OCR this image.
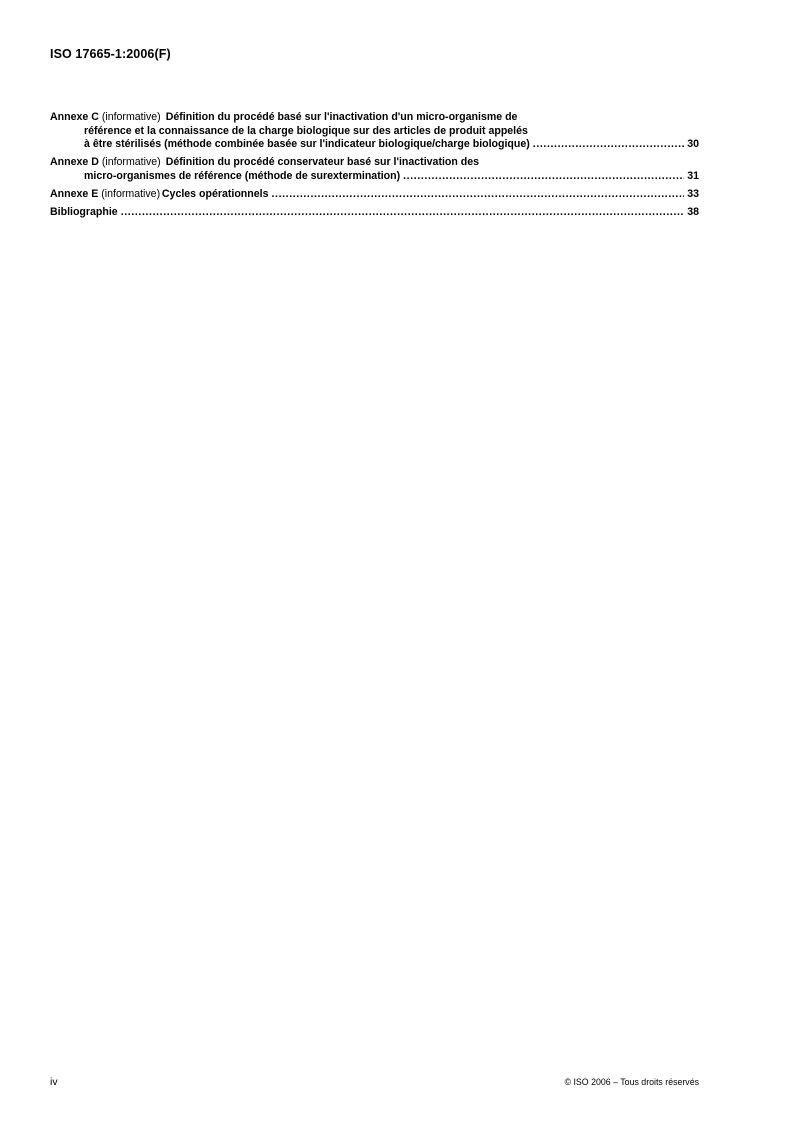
ISO 17665-1:2006(F)
Annexe C
(informative) Définition du procédé basé sur l'inactivation d'un micro-organisme de
référence et la connaissance de la charge biologique sur des articles de produit appelés
à être stérilisés (méthode combinée basée sur l'indicateur biologique/charge biologique) .....	30
Annexe D
(informative) Définition du procédé conservateur basé sur l'inactivation des
micro-organismes de référence (méthode de surextermination) .....	31
Annexe E
(informative) Cycles opérationnels .....	33
Bibliographie .....	38
iv	© ISO 2006 – Tous droits réservés
